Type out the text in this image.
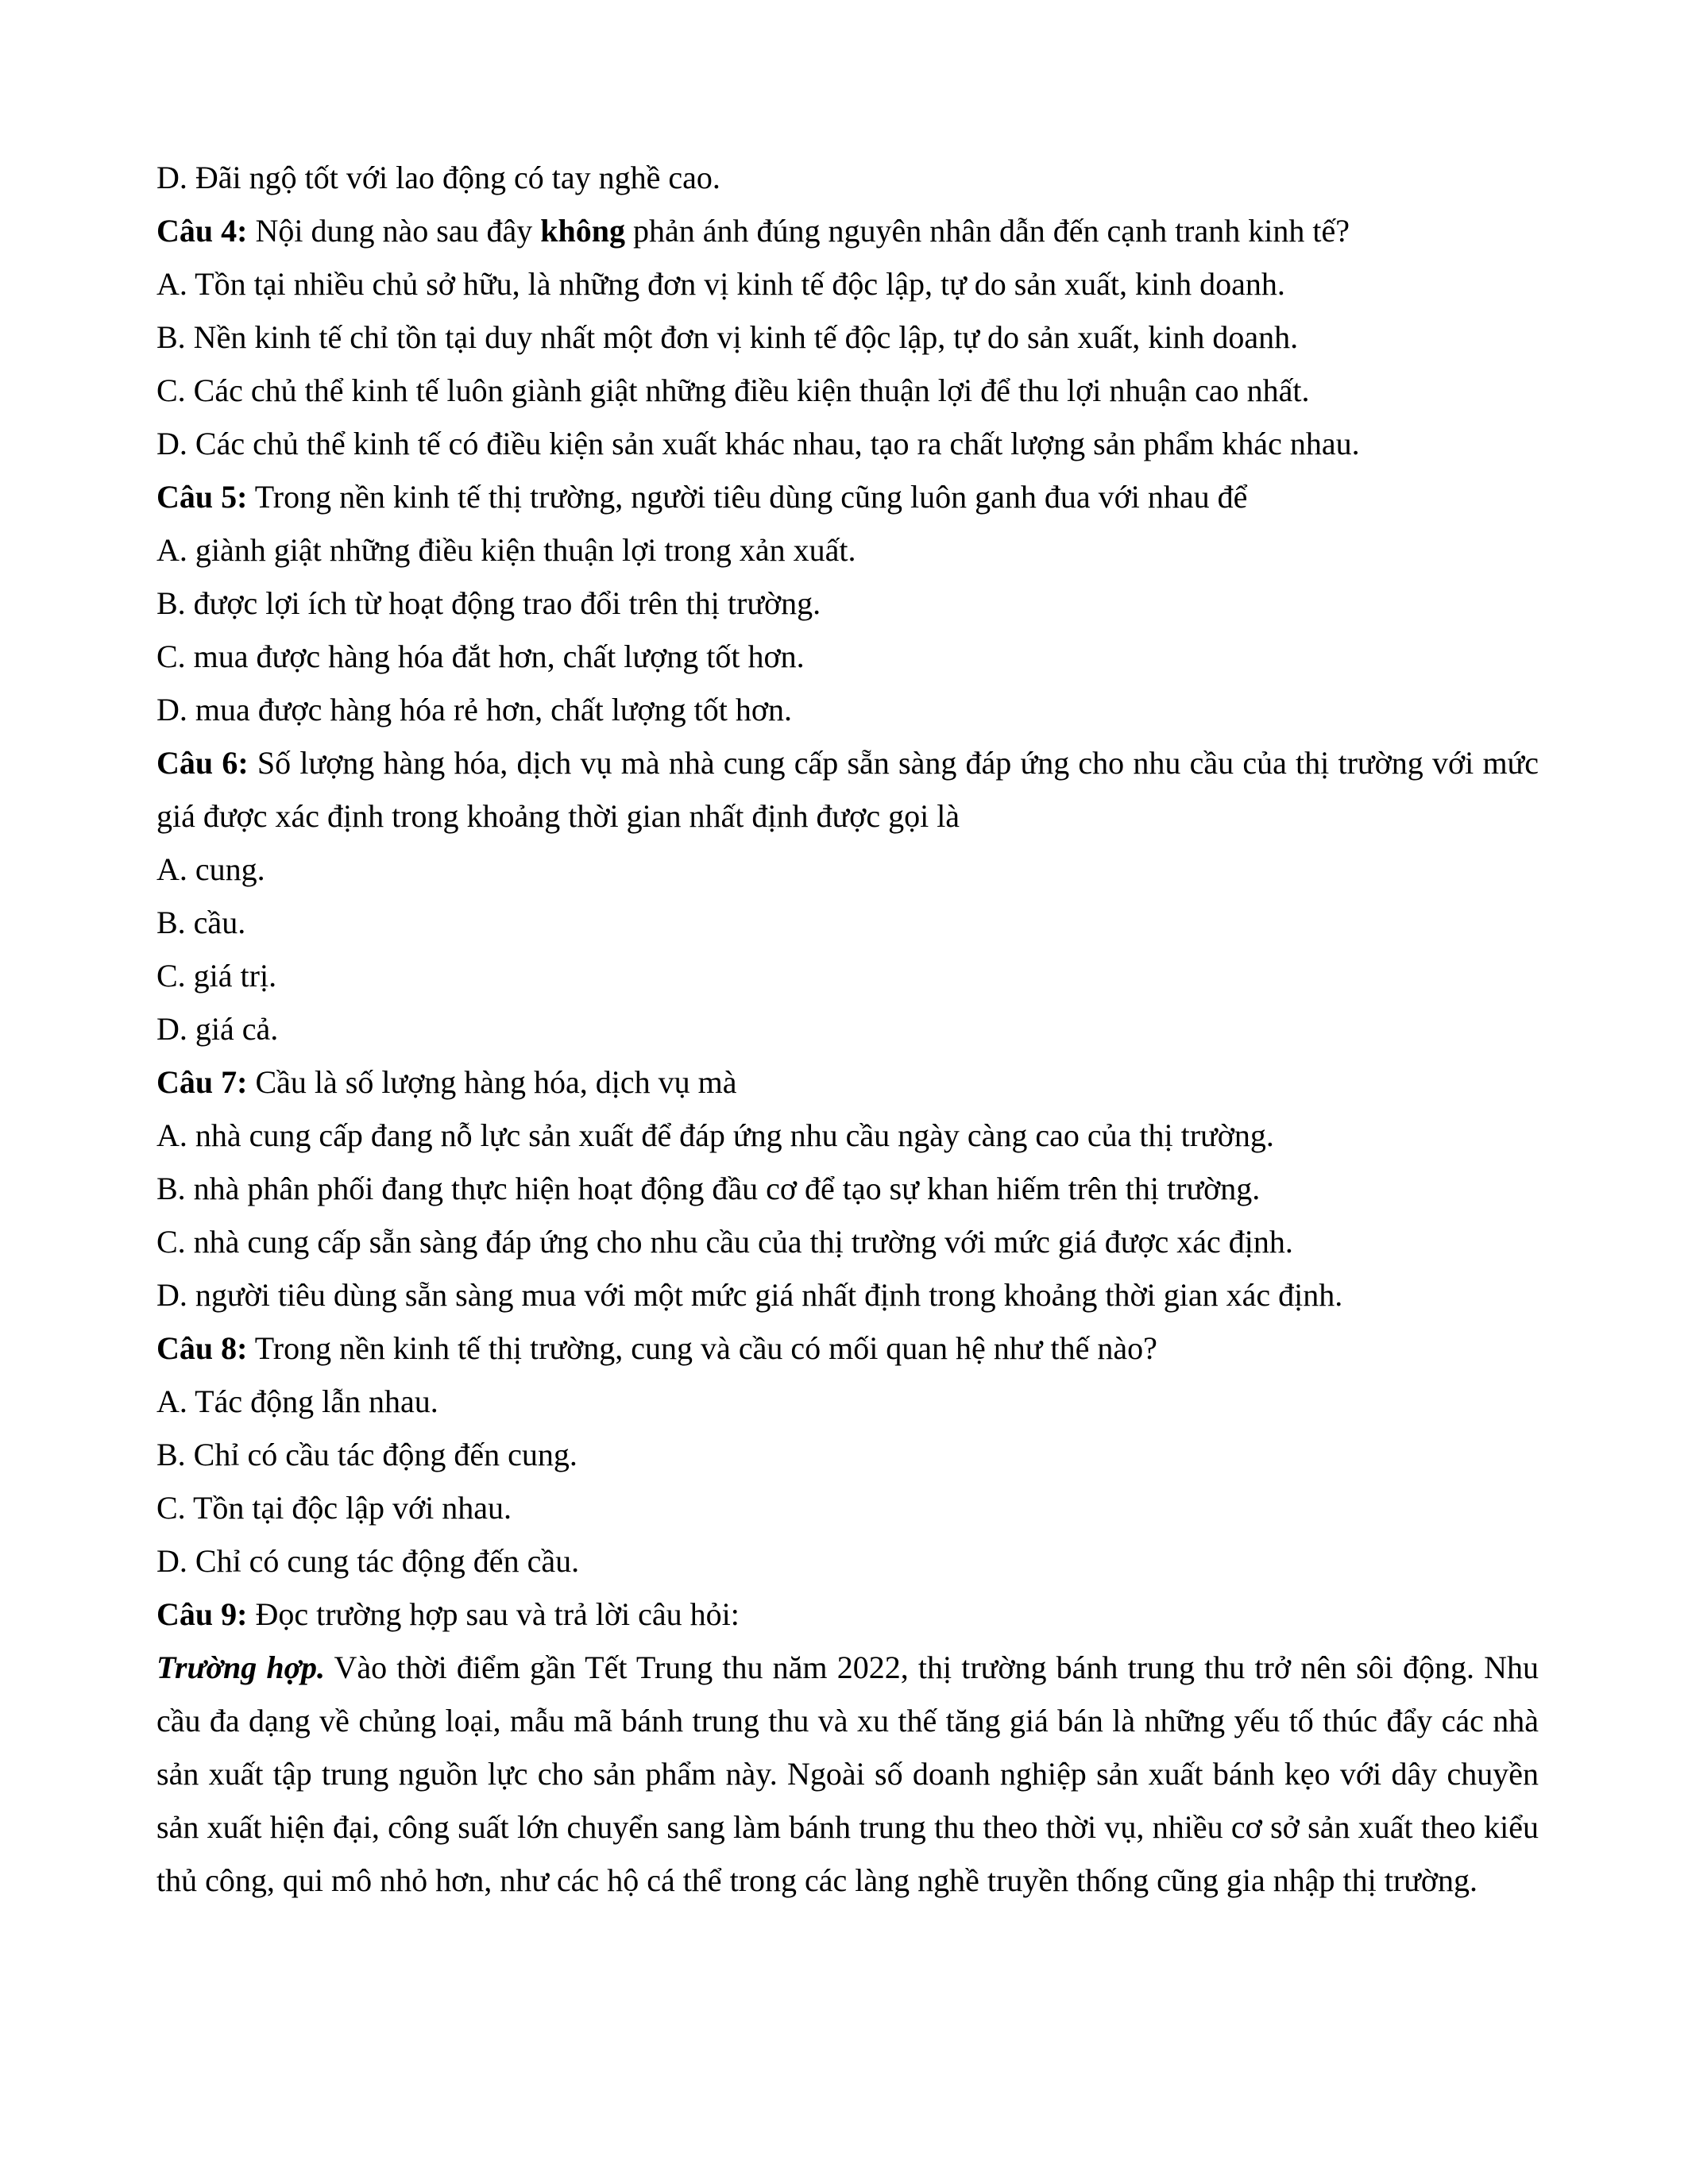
D. Đãi ngộ tốt với lao động có tay nghề cao.
Câu 4: Nội dung nào sau đây không phản ánh đúng nguyên nhân dẫn đến cạnh tranh kinh tế?
A. Tồn tại nhiều chủ sở hữu, là những đơn vị kinh tế độc lập, tự do sản xuất, kinh doanh.
B. Nền kinh tế chỉ tồn tại duy nhất một đơn vị kinh tế độc lập, tự do sản xuất, kinh doanh.
C. Các chủ thể kinh tế luôn giành giật những điều kiện thuận lợi để thu lợi nhuận cao nhất.
D. Các chủ thể kinh tế có điều kiện sản xuất khác nhau, tạo ra chất lượng sản phẩm khác nhau.
Câu 5: Trong nền kinh tế thị trường, người tiêu dùng cũng luôn ganh đua với nhau để
A. giành giật những điều kiện thuận lợi trong xản xuất.
B. được lợi ích từ hoạt động trao đổi trên thị trường.
C. mua được hàng hóa đắt hơn, chất lượng tốt hơn.
D. mua được hàng hóa rẻ hơn, chất lượng tốt hơn.
Câu 6: Số lượng hàng hóa, dịch vụ mà nhà cung cấp sẵn sàng đáp ứng cho nhu cầu của thị trường với mức giá được xác định trong khoảng thời gian nhất định được gọi là
A. cung.
B. cầu.
C. giá trị.
D. giá cả.
Câu 7: Cầu là số lượng hàng hóa, dịch vụ mà
A. nhà cung cấp đang nỗ lực sản xuất để đáp ứng nhu cầu ngày càng cao của thị trường.
B. nhà phân phối đang thực hiện hoạt động đầu cơ để tạo sự khan hiếm trên thị trường.
C. nhà cung cấp sẵn sàng đáp ứng cho nhu cầu của thị trường với mức giá được xác định.
D. người tiêu dùng sẵn sàng mua với một mức giá nhất định trong khoảng thời gian xác định.
Câu 8: Trong nền kinh tế thị trường, cung và cầu có mối quan hệ như thế nào?
A. Tác động lẫn nhau.
B. Chỉ có cầu tác động đến cung.
C. Tồn tại độc lập với nhau.
D. Chỉ có cung tác động đến cầu.
Câu 9: Đọc trường hợp sau và trả lời câu hỏi:
Trường hợp. Vào thời điểm gần Tết Trung thu năm 2022, thị trường bánh trung thu trở nên sôi động. Nhu cầu đa dạng về chủng loại, mẫu mã bánh trung thu và xu thế tăng giá bán là những yếu tố thúc đẩy các nhà sản xuất tập trung nguồn lực cho sản phẩm này. Ngoài số doanh nghiệp sản xuất bánh kẹo với dây chuyền sản xuất hiện đại, công suất lớn chuyển sang làm bánh trung thu theo thời vụ, nhiều cơ sở sản xuất theo kiểu thủ công, qui mô nhỏ hơn, như các hộ cá thể trong các làng nghề truyền thống cũng gia nhập thị trường.
